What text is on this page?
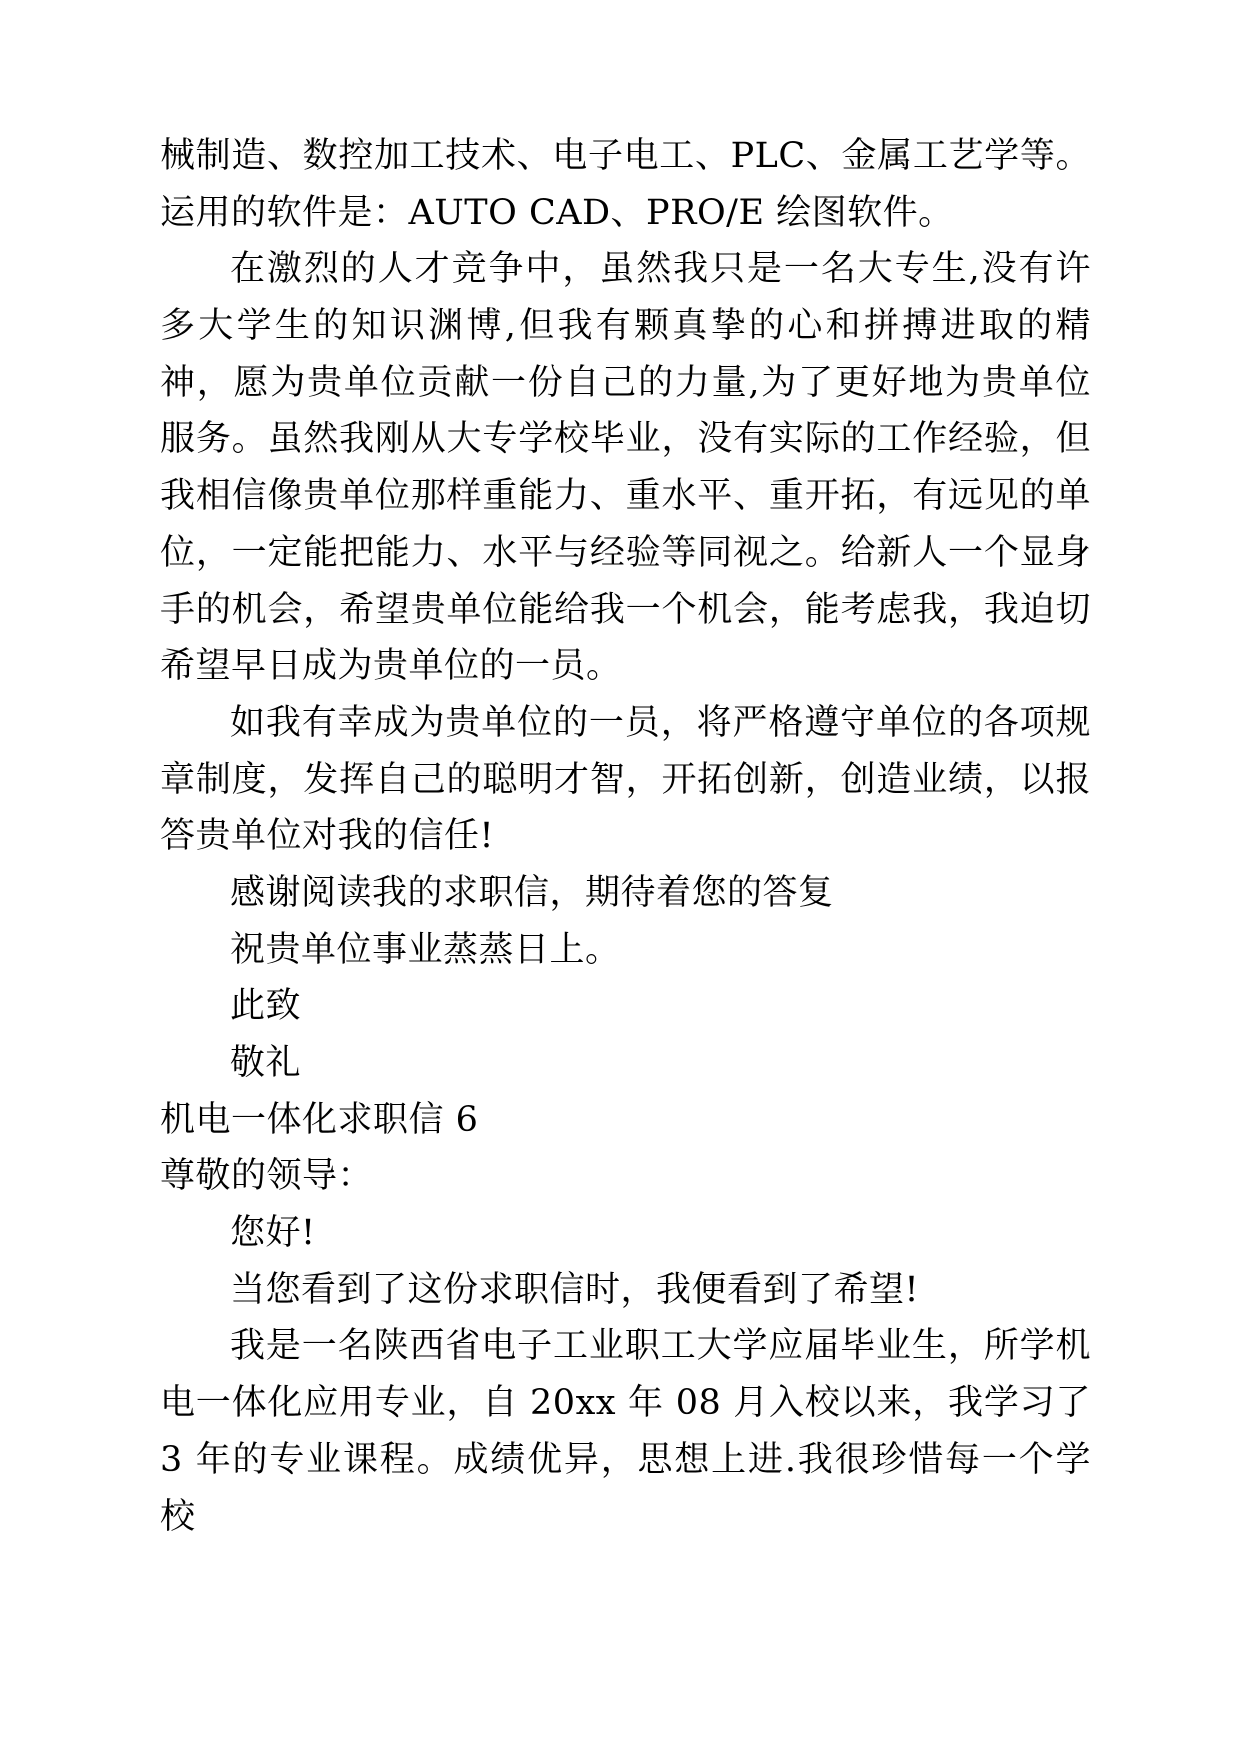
械制造、数控加工技术、电子电工、PLC、金属工艺学等。运用的软件是：AUTO CAD、PRO/E 绘图软件。

在激烈的人才竞争中，虽然我只是一名大专生,没有许多大学生的知识渊博,但我有颗真挚的心和拼搏进取的精神，愿为贵单位贡献一份自己的力量,为了更好地为贵单位服务。虽然我刚从大专学校毕业，没有实际的工作经验，但我相信像贵单位那样重能力、重水平、重开拓，有远见的单位，一定能把能力、水平与经验等同视之。给新人一个显身手的机会，希望贵单位能给我一个机会，能考虑我，我迫切希望早日成为贵单位的一员。

如我有幸成为贵单位的一员，将严格遵守单位的各项规章制度，发挥自己的聪明才智，开拓创新，创造业绩，以报答贵单位对我的信任!

感谢阅读我的求职信，期待着您的答复

祝贵单位事业蒸蒸日上。

此致

敬礼

机电一体化求职信 6

尊敬的领导：

您好!

当您看到了这份求职信时，我便看到了希望!

我是一名陕西省电子工业职工大学应届毕业生，所学机电一体化应用专业，自 20xx 年 08 月入校以来，我学习了 3 年的专业课程。成绩优异，思想上进.我很珍惜每一个学校
